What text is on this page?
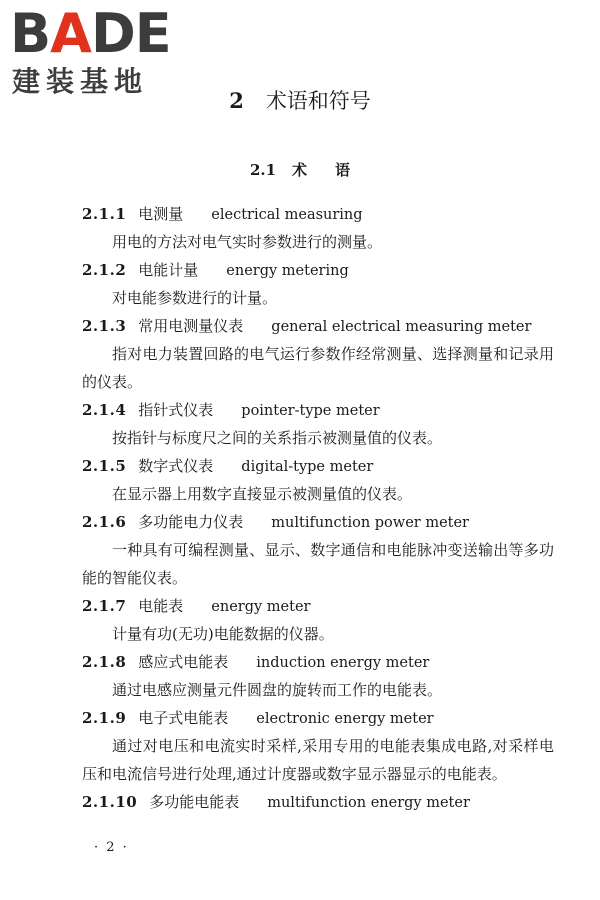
BADE
建装基地
2 术语和符号
2.1 术语
2.1.1 电测量 electrical measuring
用电的方法对电气实时参数进行的测量。
2.1.2 电能计量 energy metering
对电能参数进行的计量。
2.1.3 常用电测量仪表 general electrical measuring meter
指对电力装置回路的电气运行参数作经常测量、选择测量和记录用的仪表。
2.1.4 指针式仪表 pointer-type meter
按指针与标度尺之间的关系指示被测量值的仪表。
2.1.5 数字式仪表 digital-type meter
在显示器上用数字直接显示被测量值的仪表。
2.1.6 多功能电力仪表 multifunction power meter
一种具有可编程测量、显示、数字通信和电能脉冲变送输出等多功能的智能仪表。
2.1.7 电能表 energy meter
计量有功(无功)电能数据的仪器。
2.1.8 感应式电能表 induction energy meter
通过电感应测量元件圆盘的旋转而工作的电能表。
2.1.9 电子式电能表 electronic energy meter
通过对电压和电流实时采样,采用专用的电能表集成电路,对采样电压和电流信号进行处理,通过计度器或数字显示器显示的电能表。
2.1.10 多功能电能表 multifunction energy meter
· 2 ·
